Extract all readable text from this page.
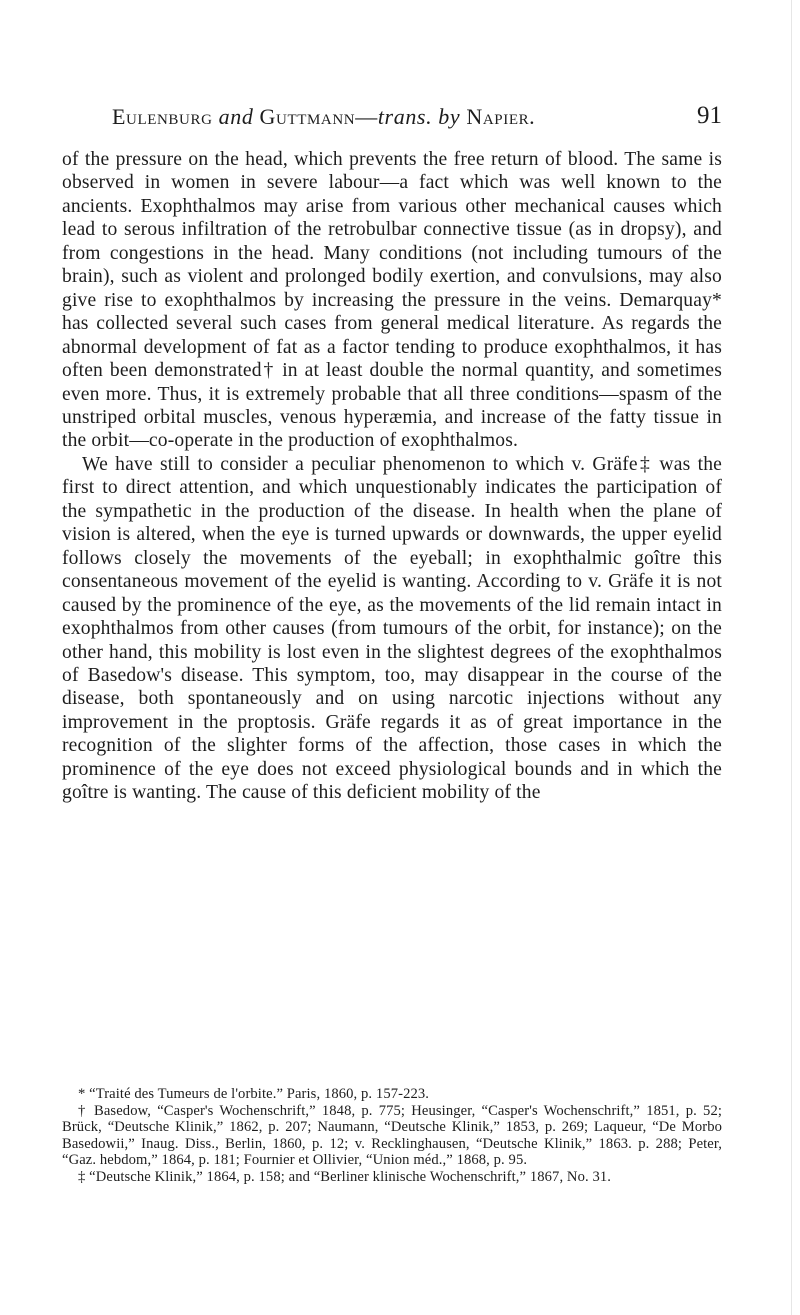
Eulenburg and Guttmann—trans. by Napier.	91

of the pressure on the head, which prevents the free return of blood. The same is observed in women in severe labour—a fact which was well known to the ancients. Exophthalmos may arise from various other mechanical causes which lead to serous infiltration of the retrobulbar connective tissue (as in dropsy), and from congestions in the head. Many conditions (not including tumours of the brain), such as violent and prolonged bodily exertion, and convulsions, may also give rise to exophthalmos by increasing the pressure in the veins. Demarquay* has collected several such cases from general medical literature. As regards the abnormal development of fat as a factor tending to produce exophthalmos, it has often been demonstrated† in at least double the normal quantity, and sometimes even more. Thus, it is extremely probable that all three conditions—spasm of the unstriped orbital muscles, venous hyperæmia, and increase of the fatty tissue in the orbit—co-operate in the production of exophthalmos.

We have still to consider a peculiar phenomenon to which v. Gräfe‡ was the first to direct attention, and which unquestionably indicates the participation of the sympathetic in the production of the disease. In health when the plane of vision is altered, when the eye is turned upwards or downwards, the upper eyelid follows closely the movements of the eyeball; in exophthalmic goître this consentaneous movement of the eyelid is wanting. According to v. Gräfe it is not caused by the prominence of the eye, as the movements of the lid remain intact in exophthalmos from other causes (from tumours of the orbit, for instance); on the other hand, this mobility is lost even in the slightest degrees of the exophthalmos of Basedow's disease. This symptom, too, may disappear in the course of the disease, both spontaneously and on using narcotic injections without any improvement in the proptosis. Gräfe regards it as of great importance in the recognition of the slighter forms of the affection, those cases in which the prominence of the eye does not exceed physiological bounds and in which the goître is wanting. The cause of this deficient mobility of the

* “Traité des Tumeurs de l'orbite.” Paris, 1860, p. 157-223.

† Basedow, “Casper's Wochenschrift,” 1848, p. 775; Heusinger, “Casper's Wochenschrift,” 1851, p. 52; Brück, “Deutsche Klinik,” 1862, p. 207; Naumann, “Deutsche Klinik,” 1853, p. 269; Laqueur, “De Morbo Basedowii,” Inaug. Diss., Berlin, 1860, p. 12; v. Recklinghausen, “Deutsche Klinik,” 1863. p. 288; Peter, “Gaz. hebdom,” 1864, p. 181; Fournier et Ollivier, “Union méd.,” 1868, p. 95.

‡ “Deutsche Klinik,” 1864, p. 158; and “Berliner klinische Wochenschrift,” 1867, No. 31.
